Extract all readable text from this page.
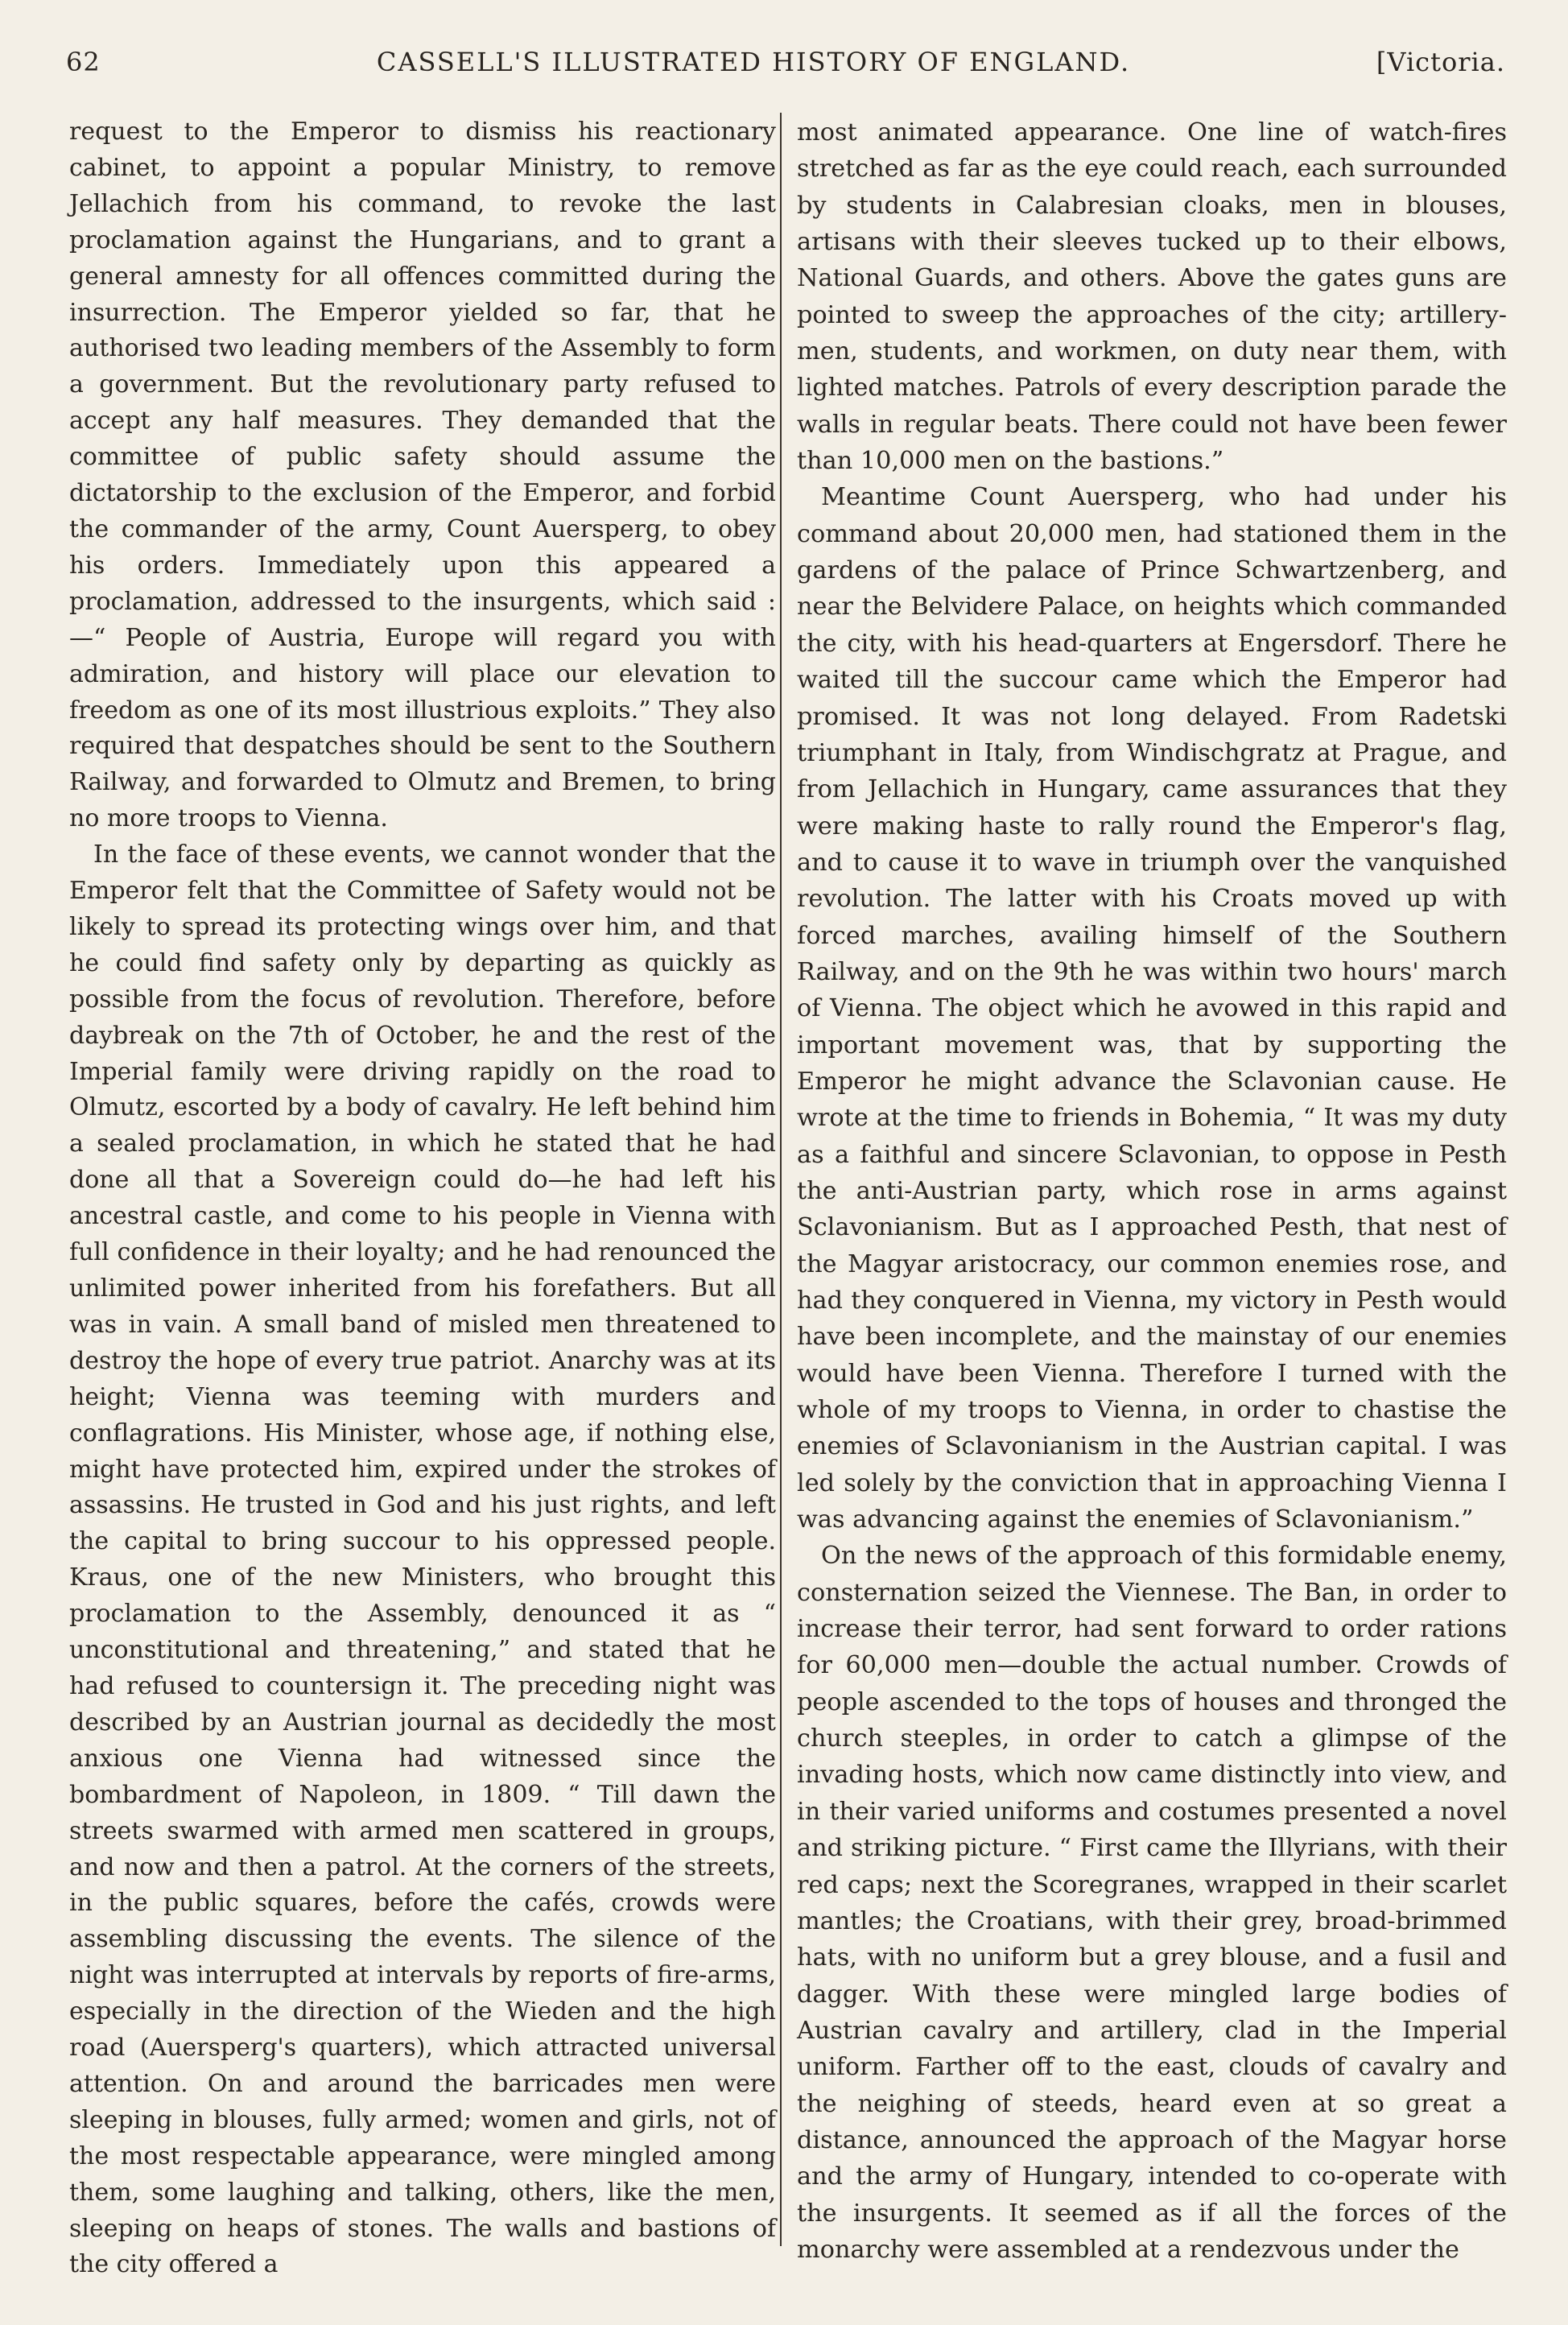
62	CASSELL'S ILLUSTRATED HISTORY OF ENGLAND.	[Victoria.

request to the Emperor to dismiss his reactionary cabinet, to appoint a popular Ministry, to remove Jellachich from his command, to revoke the last proclamation against the Hungarians, and to grant a general amnesty for all offences committed during the insurrection. The Emperor yielded so far, that he authorised two leading members of the Assembly to form a government. But the revolutionary party refused to accept any half measures. They demanded that the committee of public safety should assume the dictatorship to the exclusion of the Emperor, and forbid the commander of the army, Count Auersperg, to obey his orders. Immediately upon this appeared a proclamation, addressed to the insurgents, which said :—“ People of Austria, Europe will regard you with admiration, and history will place our elevation to freedom as one of its most illustrious exploits.” They also required that despatches should be sent to the Southern Railway, and forwarded to Olmutz and Bremen, to bring no more troops to Vienna.

In the face of these events, we cannot wonder that the Emperor felt that the Committee of Safety would not be likely to spread its protecting wings over him, and that he could find safety only by departing as quickly as possible from the focus of revolution. Therefore, before daybreak on the 7th of October, he and the rest of the Imperial family were driving rapidly on the road to Olmutz, escorted by a body of cavalry. He left behind him a sealed proclamation, in which he stated that he had done all that a Sovereign could do—he had left his ancestral castle, and come to his people in Vienna with full confidence in their loyalty; and he had renounced the unlimited power inherited from his forefathers. But all was in vain. A small band of misled men threatened to destroy the hope of every true patriot. Anarchy was at its height; Vienna was teeming with murders and conflagrations. His Minister, whose age, if nothing else, might have protected him, expired under the strokes of assassins. He trusted in God and his just rights, and left the capital to bring succour to his oppressed people. Kraus, one of the new Ministers, who brought this proclamation to the Assembly, denounced it as “ unconstitutional and threatening,” and stated that he had refused to countersign it. The preceding night was described by an Austrian journal as decidedly the most anxious one Vienna had witnessed since the bombardment of Napoleon, in 1809. “ Till dawn the streets swarmed with armed men scattered in groups, and now and then a patrol. At the corners of the streets, in the public squares, before the cafés, crowds were assembling discussing the events. The silence of the night was interrupted at intervals by reports of fire-arms, especially in the direction of the Wieden and the high road (Auersperg's quarters), which attracted universal attention. On and around the barricades men were sleeping in blouses, fully armed; women and girls, not of the most respectable appearance, were mingled among them, some laughing and talking, others, like the men, sleeping on heaps of stones. The walls and bastions of the city offered a

most animated appearance. One line of watch-fires stretched as far as the eye could reach, each surrounded by students in Calabresian cloaks, men in blouses, artisans with their sleeves tucked up to their elbows, National Guards, and others. Above the gates guns are pointed to sweep the approaches of the city; artillery-men, students, and workmen, on duty near them, with lighted matches. Patrols of every description parade the walls in regular beats. There could not have been fewer than 10,000 men on the bastions.”

Meantime Count Auersperg, who had under his command about 20,000 men, had stationed them in the gardens of the palace of Prince Schwartzenberg, and near the Belvidere Palace, on heights which commanded the city, with his head-quarters at Engersdorf. There he waited till the succour came which the Emperor had promised. It was not long delayed. From Radetski triumphant in Italy, from Windischgratz at Prague, and from Jellachich in Hungary, came assurances that they were making haste to rally round the Emperor's flag, and to cause it to wave in triumph over the vanquished revolution. The latter with his Croats moved up with forced marches, availing himself of the Southern Railway, and on the 9th he was within two hours' march of Vienna. The object which he avowed in this rapid and important movement was, that by supporting the Emperor he might advance the Sclavonian cause. He wrote at the time to friends in Bohemia, “ It was my duty as a faithful and sincere Sclavonian, to oppose in Pesth the anti-Austrian party, which rose in arms against Sclavonianism. But as I approached Pesth, that nest of the Magyar aristocracy, our common enemies rose, and had they conquered in Vienna, my victory in Pesth would have been incomplete, and the mainstay of our enemies would have been Vienna. Therefore I turned with the whole of my troops to Vienna, in order to chastise the enemies of Sclavonianism in the Austrian capital. I was led solely by the conviction that in approaching Vienna I was advancing against the enemies of Sclavonianism.”

On the news of the approach of this formidable enemy, consternation seized the Viennese. The Ban, in order to increase their terror, had sent forward to order rations for 60,000 men—double the actual number. Crowds of people ascended to the tops of houses and thronged the church steeples, in order to catch a glimpse of the invading hosts, which now came distinctly into view, and in their varied uniforms and costumes presented a novel and striking picture. “ First came the Illyrians, with their red caps; next the Scoregranes, wrapped in their scarlet mantles; the Croatians, with their grey, broad-brimmed hats, with no uniform but a grey blouse, and a fusil and dagger. With these were mingled large bodies of Austrian cavalry and artillery, clad in the Imperial uniform. Farther off to the east, clouds of cavalry and the neighing of steeds, heard even at so great a distance, announced the approach of the Magyar horse and the army of Hungary, intended to co-operate with the insurgents. It seemed as if all the forces of the monarchy were assembled at a rendezvous under the
